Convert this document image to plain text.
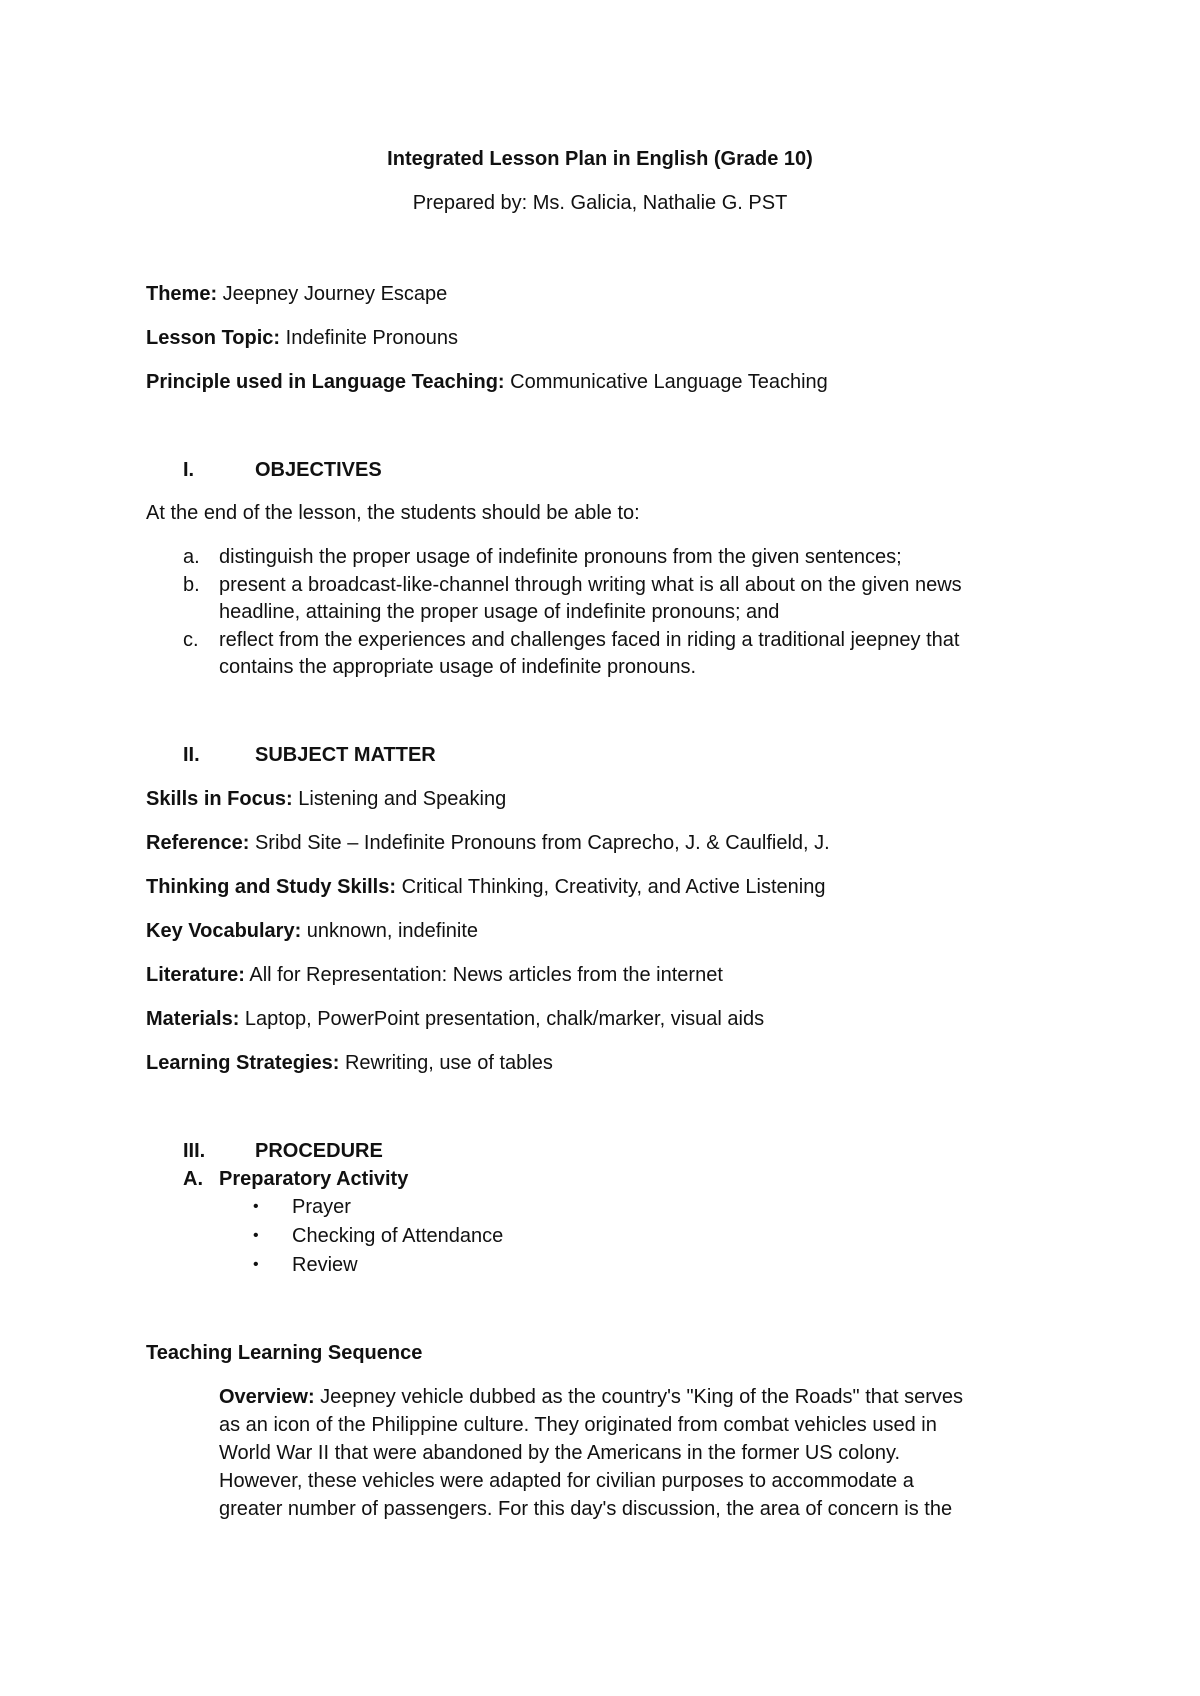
Integrated Lesson Plan in English (Grade 10)
Prepared by: Ms. Galicia, Nathalie G. PST
Theme: Jeepney Journey Escape
Lesson Topic: Indefinite Pronouns
Principle used in Language Teaching: Communicative Language Teaching
I.	OBJECTIVES
At the end of the lesson, the students should be able to:
a. distinguish the proper usage of indefinite pronouns from the given sentences;
b. present a broadcast-like-channel through writing what is all about on the given news
headline, attaining the proper usage of indefinite pronouns; and
c. reflect from the experiences and challenges faced in riding a traditional jeepney that
contains the appropriate usage of indefinite pronouns.
II.	SUBJECT MATTER
Skills in Focus: Listening and Speaking
Reference: Sribd Site – Indefinite Pronouns from Caprecho, J. & Caulfield, J.
Thinking and Study Skills: Critical Thinking, Creativity, and Active Listening
Key Vocabulary: unknown, indefinite
Literature: All for Representation: News articles from the internet
Materials: Laptop, PowerPoint presentation, chalk/marker, visual aids
Learning Strategies: Rewriting, use of tables
III. PROCEDURE
A. Preparatory Activity
• Prayer
• Checking of Attendance
• Review
Teaching Learning Sequence
Overview: Jeepney vehicle dubbed as the country's "King of the Roads" that serves
as an icon of the Philippine culture. They originated from combat vehicles used in
World War II that were abandoned by the Americans in the former US colony.
However, these vehicles were adapted for civilian purposes to accommodate a
greater number of passengers. For this day's discussion, the area of concern is the
